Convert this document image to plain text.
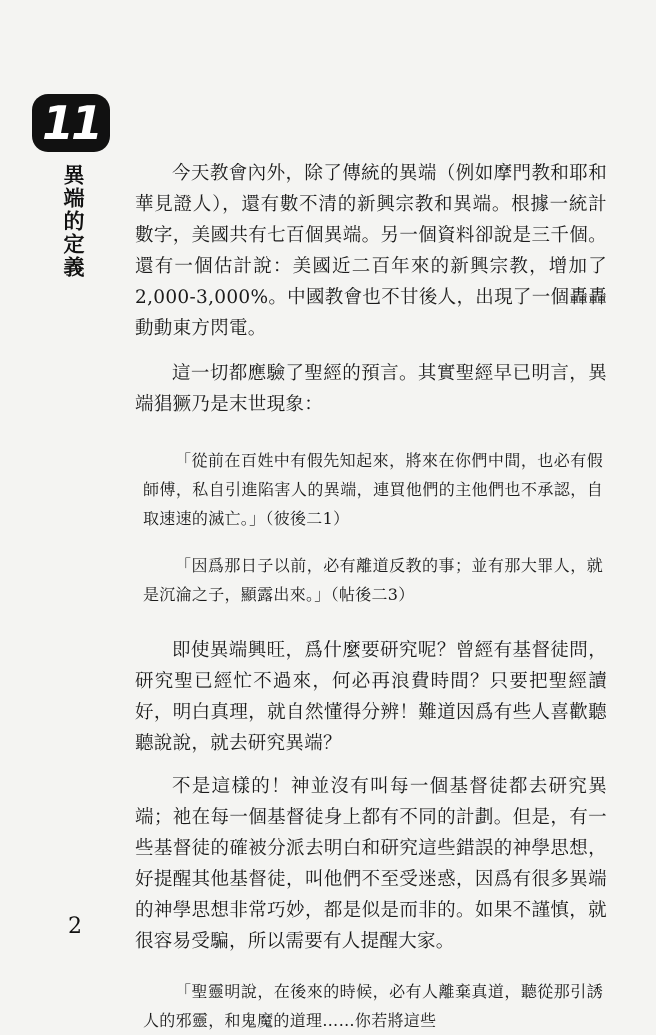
11
異端的定義	今天教會內外，除了傳統的異端（例如摩門教和耶和華見證人），還有數不清的新興宗教和異端。根據一統計數字，美國共有七百個異端。另一個資料卻說是三千個。還有一個估計說：美國近二百年來的新興宗教，增加了 2,000-3,000%。中國教會也不甘後人，出現了一個轟轟動動東方閃電。

這一切都應驗了聖經的預言。其實聖經早已明言，異端猖獗乃是末世現象：

「從前在百姓中有假先知起來，將來在你們中間，也必有假師傅，私自引進陷害人的異端，連買他們的主他們也不承認，自取速速的滅亡。」（彼後二1）

「因爲那日子以前，必有離道反教的事；並有那大罪人，就是沉淪之子，顯露出來。」（帖後二3）

即使異端興旺，爲什麼要研究呢？曾經有基督徒問，研究聖已經忙不過來，何必再浪費時間？只要把聖經讀好，明白真理，就自然懂得分辨！難道因爲有些人喜歡聽聽說說，就去研究異端？

不是這樣的！神並沒有叫每一個基督徒都去研究異端；祂在每一個基督徒身上都有不同的計劃。但是，有一些基督徒的確被分派去明白和研究這些錯誤的神學思想，好提醒其他基督徒，叫他們不至受迷惑，因爲有很多異端的神學思想非常巧妙，都是似是而非的。如果不謹慎，就很容易受騙，所以需要有人提醒大家。

「聖靈明說，在後來的時候，必有人離棄真道，聽從那引誘人的邪靈，和鬼魔的道理……你若將這些

2
